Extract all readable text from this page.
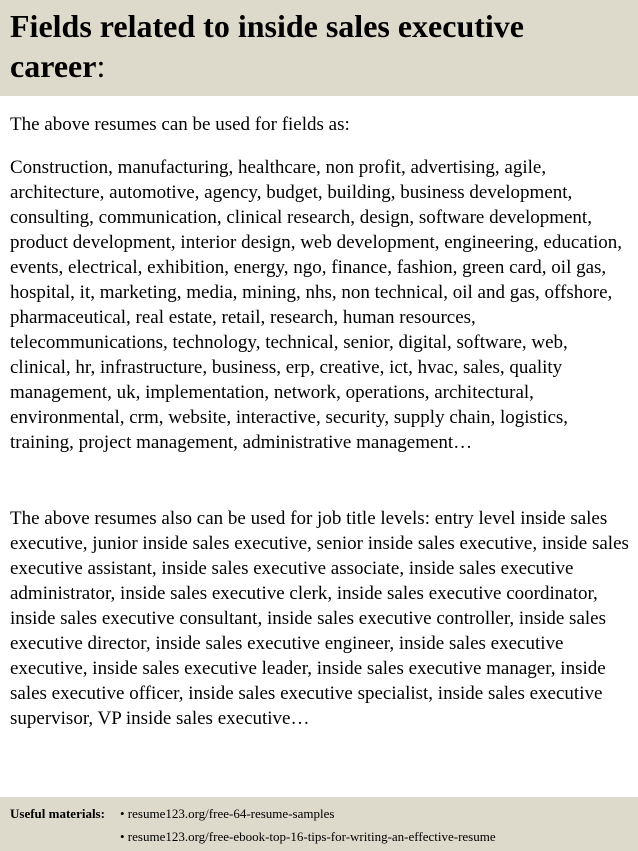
Fields related to inside sales executive career:

The above resumes can be used for fields as:

Construction, manufacturing, healthcare, non profit, advertising, agile, architecture, automotive, agency, budget, building, business development, consulting, communication, clinical research, design, software development, product development, interior design, web development, engineering, education, events, electrical, exhibition, energy, ngo, finance, fashion, green card, oil gas, hospital, it, marketing, media, mining, nhs, non technical, oil and gas, offshore, pharmaceutical, real estate, retail, research, human resources, telecommunications, technology, technical, senior, digital, software, web, clinical, hr, infrastructure, business, erp, creative, ict, hvac, sales, quality management, uk, implementation, network, operations, architectural, environmental, crm, website, interactive, security, supply chain, logistics, training, project management, administrative management…

The above resumes also can be used for job title levels: entry level inside sales executive, junior inside sales executive, senior inside sales executive, inside sales executive assistant, inside sales executive associate, inside sales executive administrator, inside sales executive clerk, inside sales executive coordinator, inside sales executive consultant, inside sales executive controller, inside sales executive director, inside sales executive engineer, inside sales executive executive, inside sales executive leader, inside sales executive manager, inside sales executive officer, inside sales executive specialist, inside sales executive supervisor, VP inside sales executive…

Useful materials: • resume123.org/free-64-resume-samples
• resume123.org/free-ebook-top-16-tips-for-writing-an-effective-resume
